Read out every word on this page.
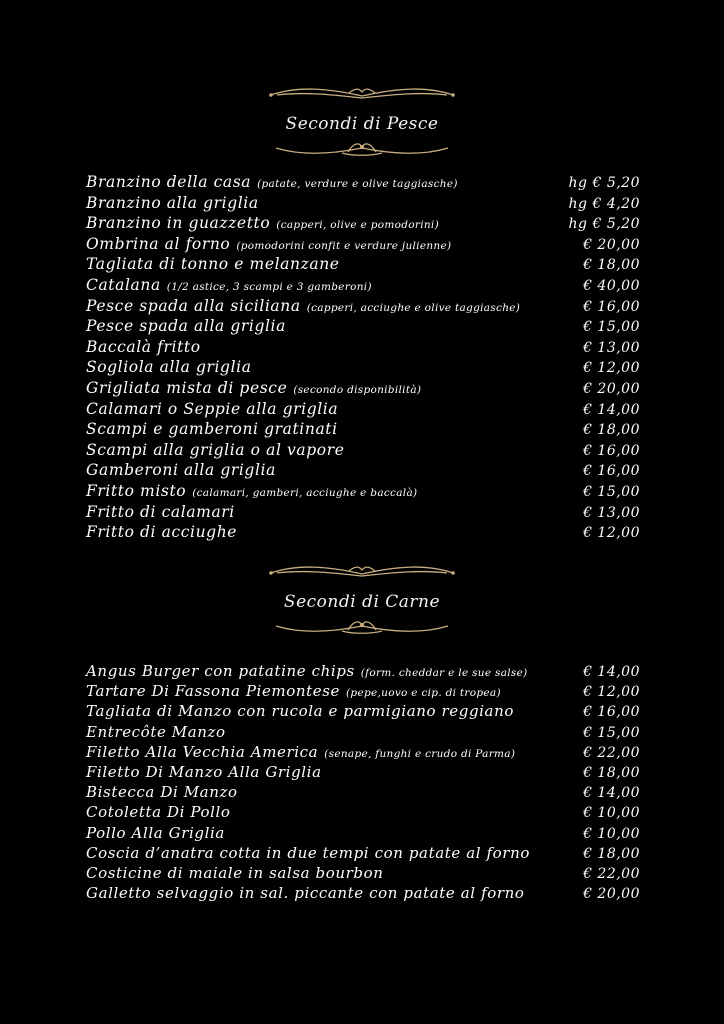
Secondi di Pesce
Branzino della casa (patate, verdure e olive taggiasche)	hg € 5,20
Branzino alla griglia	hg € 4,20
Branzino in guazzetto (capperi, olive e pomodorini)	hg € 5,20
Ombrina al forno (pomodorini confit e verdure julienne)	€ 20,00
Tagliata di tonno e melanzane	€ 18,00
Catalana (1/2 astice, 3 scampi e 3 gamberoni)	€ 40,00
Pesce spada alla siciliana (capperi, acciughe e olive taggiasche)	€ 16,00
Pesce spada alla griglia	€ 15,00
Baccalà fritto	€ 13,00
Sogliola alla griglia	€ 12,00
Grigliata mista di pesce (secondo disponibilità)	€ 20,00
Calamari o Seppie alla griglia	€ 14,00
Scampi e gamberoni gratinati	€ 18,00
Scampi alla griglia o al vapore	€ 16,00
Gamberoni alla griglia	€ 16,00
Fritto misto (calamari, gamberi, acciughe e baccalà)	€ 15,00
Fritto di calamari	€ 13,00
Fritto di acciughe	€ 12,00
Secondi di Carne
Angus Burger con patatine chips (form. cheddar e le sue salse)	€ 14,00
Tartare Di Fassona Piemontese (pepe,uovo e cip. di tropea)	€ 12,00
Tagliata di Manzo con rucola e parmigiano reggiano	€ 16,00
Entrecôte Manzo	€ 15,00
Filetto Alla Vecchia America (senape, funghi e crudo di Parma)	€ 22,00
Filetto Di Manzo Alla Griglia	€ 18,00
Bistecca Di Manzo	€ 14,00
Cotoletta Di Pollo	€ 10,00
Pollo Alla Griglia	€ 10,00
Coscia d’anatra cotta in due tempi con patate al forno	€ 18,00
Costicine di maiale in salsa bourbon	€ 22,00
Galletto selvaggio in sal. piccante con patate al forno	€ 20,00
